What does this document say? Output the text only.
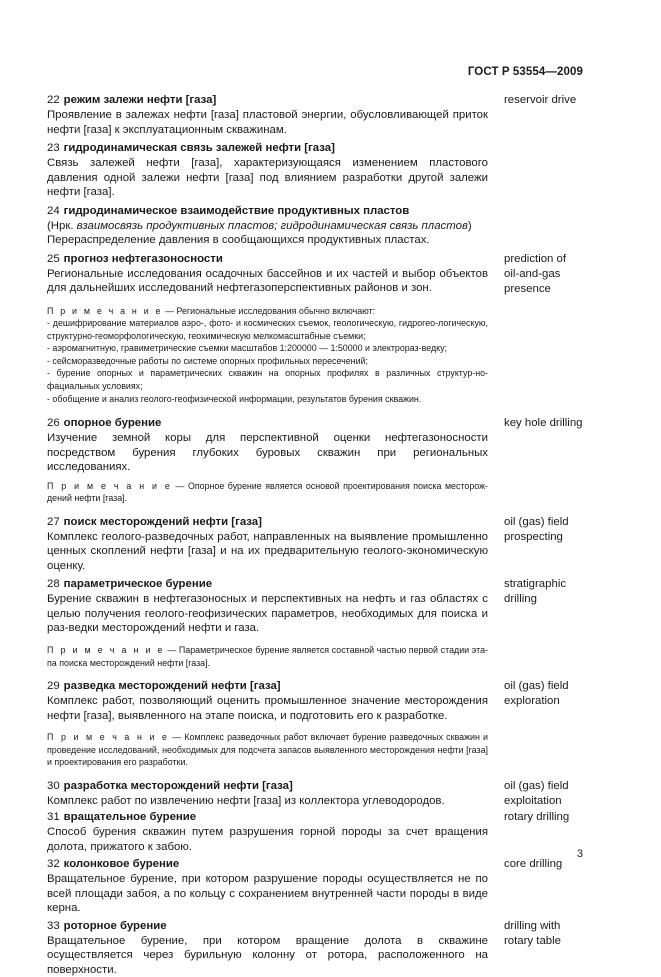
ГОСТ Р 53554—2009
22 режим залежи нефти [газа]
Проявление в залежах нефти [газа] пластовой энергии, обусловливающей приток нефти [газа] к эксплуатационным скважинам.
reservoir drive
23 гидродинамическая связь залежей нефти [газа]
Связь залежей нефти [газа], характеризующаяся изменением пластового давления одной залежи нефти [газа] под влиянием разработки другой залежи нефти [газа].
24 гидродинамическое взаимодействие продуктивных пластов
(Нрк. взаимосвязь продуктивных пластов; гидродинамическая связь пластов)
Перераспределение давления в сообщающихся продуктивных пластах.
25 прогноз нефтегазоносности
Региональные исследования осадочных бассейнов и их частей и выбор объектов для дальнейших исследований нефтегазоперспективных районов и зон.
П р и м е ч а н и е — Региональные исследования обычно включают:
- дешифрирование материалов аэро-, фото- и космических съемок, геологическую, гидрогео-логическую, структурно-геоморфологическую, геохимическую мелкомасштабные съемки;
- аэромагнитную, гравиметрические съемки масштабов 1:200000 — 1:50000 и электрораз-ведку;
- сейсморазведочные работы по системе опорных профильных пересечений;
- бурение опорных и параметрических скважин на опорных профилях в различных структур-но-фациальных условиях;
- обобщение и анализ геолого-геофизической информации, результатов бурения скважин.
prediction of
oil-and-gas
presence
26 опорное бурение
Изучение земной коры для перспективной оценки нефтегазоносности посредством бурения глубоких буровых скважин при региональных исследованиях.
П р и м е ч а н и е — Опорное бурение является основой проектирования поиска месторож-дений нефти [газа].
key hole drilling
27 поиск месторождений нефти [газа]
Комплекс геолого-разведочных работ, направленных на выявление промышленно ценных скоплений нефти [газа] и на их предварительную геолого-экономическую оценку.
oil (gas) field
prospecting
28 параметрическое бурение
Бурение скважин в нефтегазоносных и перспективных на нефть и газ областях с целью получения геолого-геофизических параметров, необходимых для поиска и раз-ведки месторождений нефти и газа.
П р и м е ч а н и е — Параметрическое бурение является составной частью первой стадии эта-па поиска месторождений нефти [газа].
stratigraphic
drilling
29 разведка месторождений нефти [газа]
Комплекс работ, позволяющий оценить промышленное значение месторождения нефти [газа], выявленного на этапе поиска, и подготовить его к разработке.
П р и м е ч а н и е — Комплекс разведочных работ включает бурение разведочных скважин и проведение исследований, необходимых для подсчета запасов выявленного месторождения нефти [газа] и проектирования его разработки.
oil (gas) field
exploration
30 разработка месторождений нефти [газа]
Комплекс работ по извлечению нефти [газа] из коллектора углеводородов.
oil (gas) field
exploitation
31 вращательное бурение
Способ бурения скважин путем разрушения горной породы за счет вращения долота, прижатого к забою.
rotary drilling
32 колонковое бурение
Вращательное бурение, при котором разрушение породы осуществляется не по всей площади забоя, а по кольцу с сохранением внутренней части породы в виде керна.
core drilling
33 роторное бурение
Вращательное бурение, при котором вращение долота в скважине осуществляется через бурильную колонну от ротора, расположенного на поверхности.
drilling with
rotary table
3
